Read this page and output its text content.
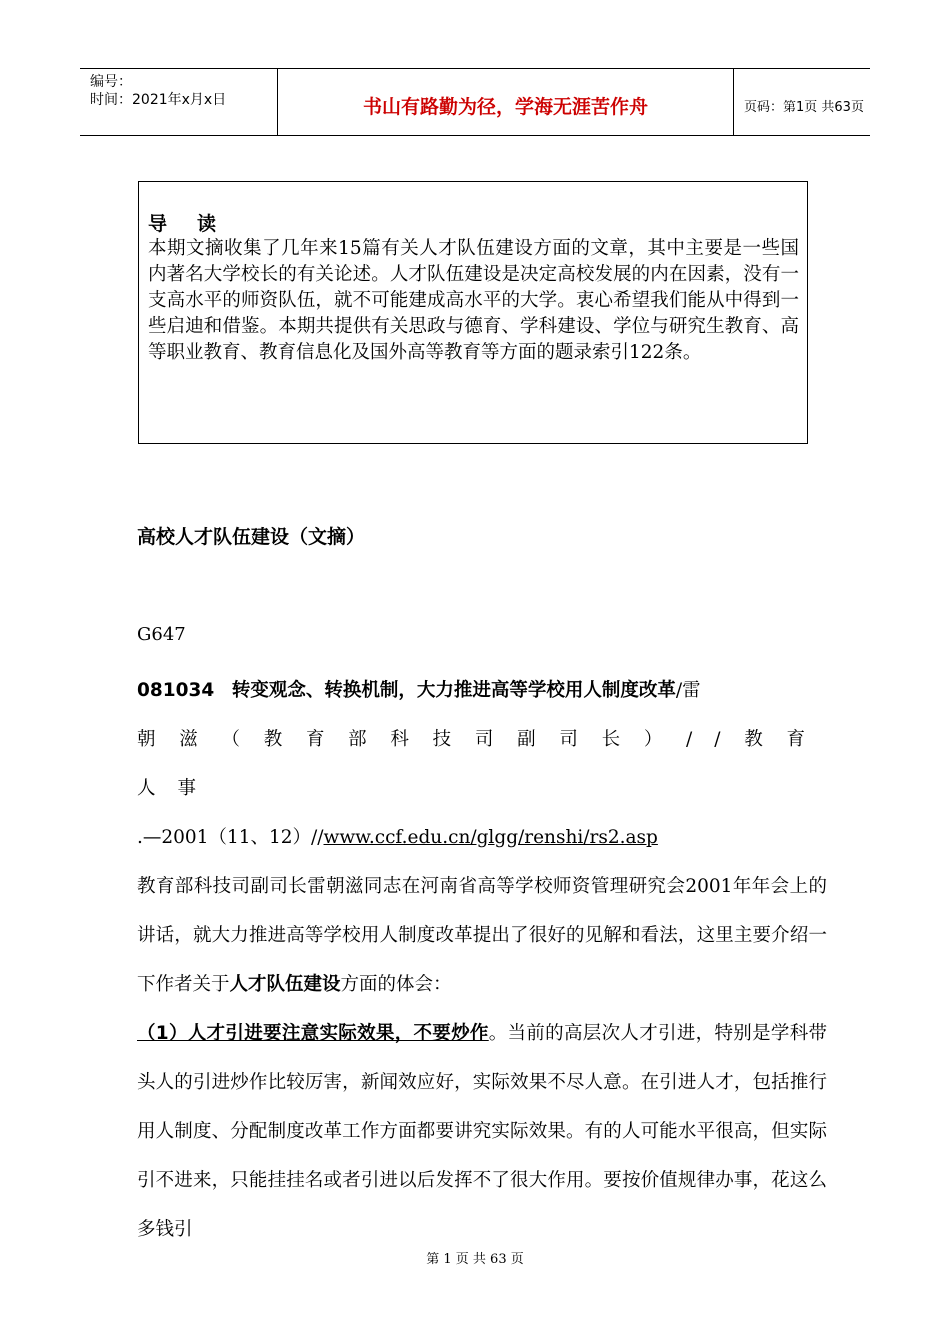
编号：
时间：2021年x月x日	书山有路勤为径，学海无涯苦作舟	页码：第1页 共63页

导读

本期文摘收集了几年来15篇有关人才队伍建设方面的文章，其中主要是一些国内著名大学校长的有关论述。人才队伍建设是决定高校发展的内在因素，没有一支高水平的师资队伍，就不可能建成高水平的大学。衷心希望我们能从中得到一些启迪和借鉴。本期共提供有关思政与德育、学科建设、学位与研究生教育、高等职业教育、教育信息化及国外高等教育等方面的题录索引122条。

高校人才队伍建设（文摘）
G647

081034 转变观念、转换机制，大力推进高等学校用人制度改革/雷

朝滋（教育部科技司副司长）//教育人事

.—2001（11、12）//www.ccf.edu.cn/glgg/renshi/rs2.asp

教育部科技司副司长雷朝滋同志在河南省高等学校师资管理研究会2001年年会上的讲话，就大力推进高等学校用人制度改革提出了很好的见解和看法，这里主要介绍一下作者关于人才队伍建设方面的体会：

（1）人才引进要注意实际效果，不要炒作。当前的高层次人才引进，特别是学科带头人的引进炒作比较厉害，新闻效应好，实际效果不尽人意。在引进人才，包括推行用人制度、分配制度改革工作方面都要讲究实际效果。有的人可能水平很高，但实际引不进来，只能挂挂名或者引进以后发挥不了很大作用。要按价值规律办事，花这么多钱引

第 1 页 共 63 页
